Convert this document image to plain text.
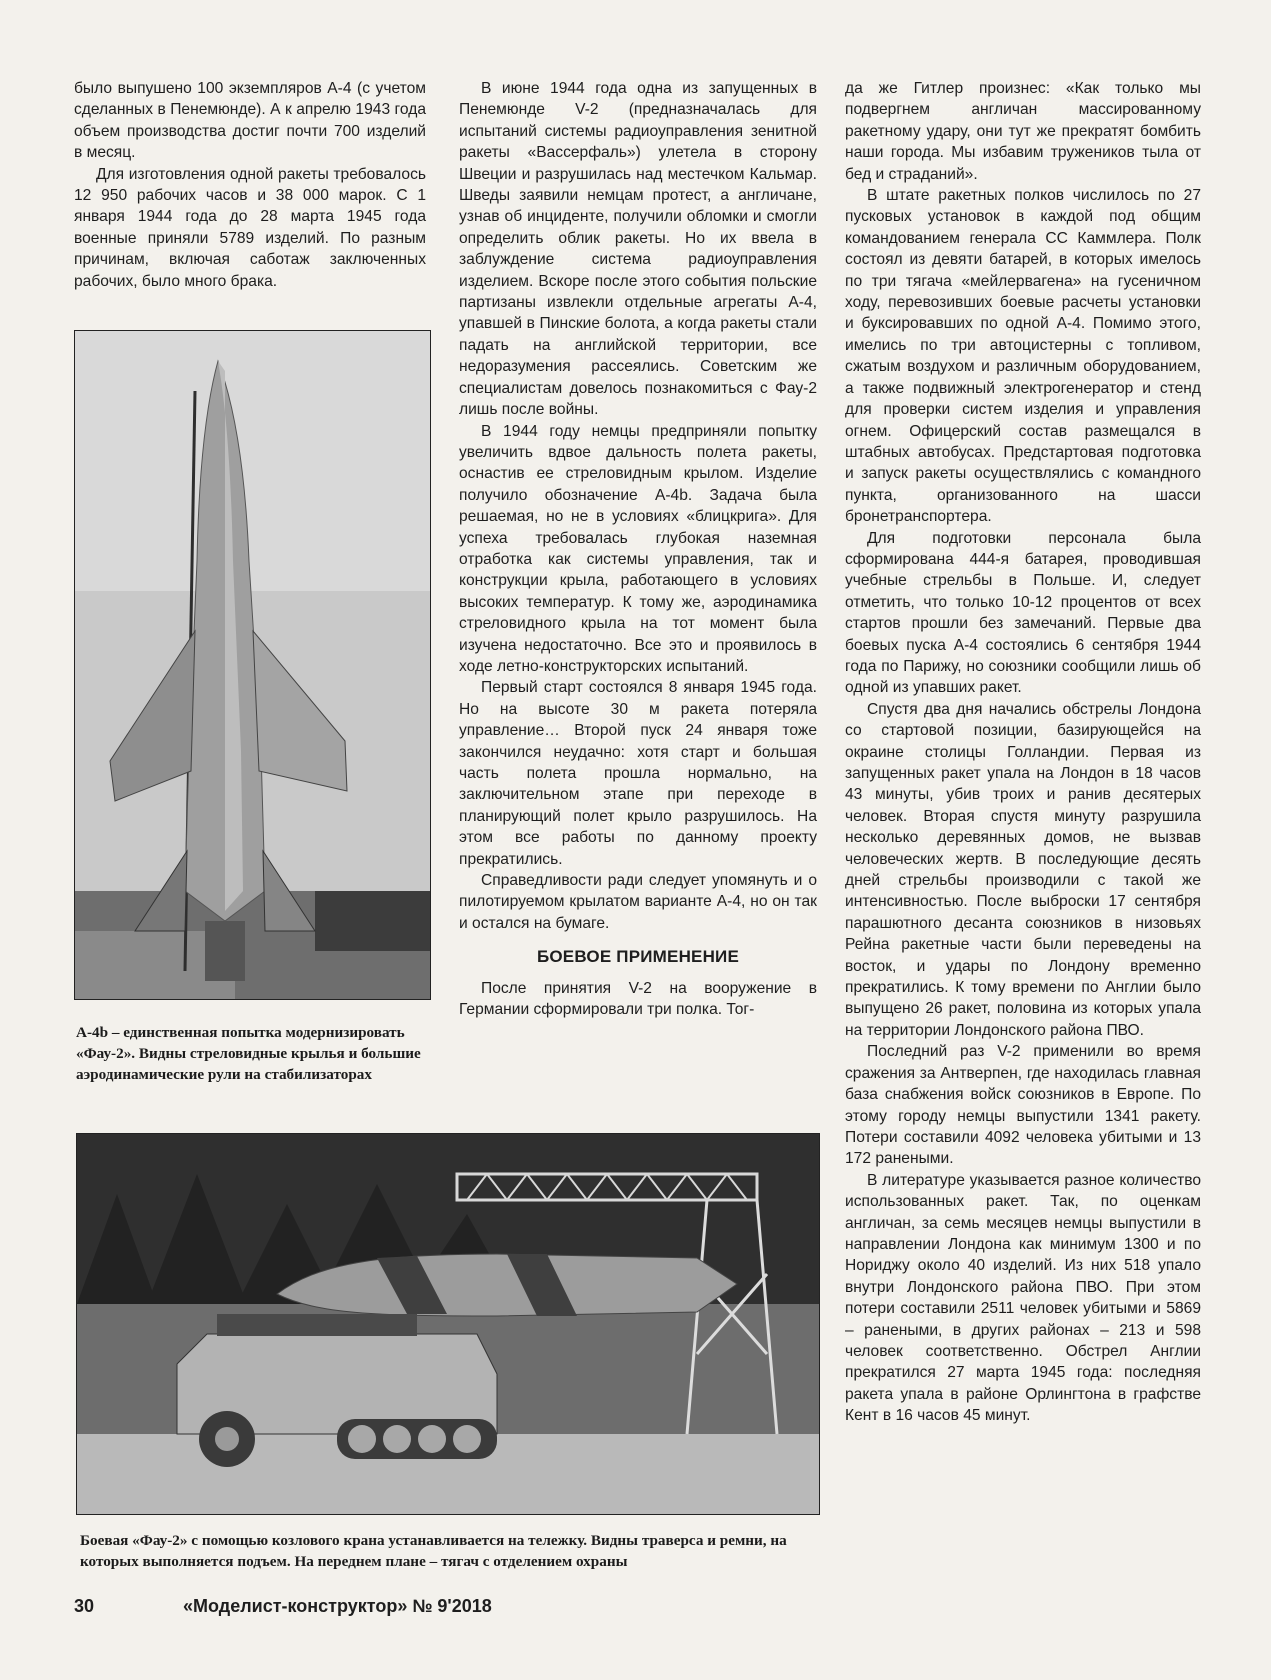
было выпушено 100 экземпляров А-4 (с учетом сделанных в Пенемюнде). А к апрелю 1943 года объем производства достиг почти 700 изделий в месяц.

Для изготовления одной ракеты требовалось 12 950 рабочих часов и 38 000 марок. С 1 января 1944 года до 28 марта 1945 года военные приняли 5789 изделий. По разным причинам, включая саботаж заключенных рабочих, было много брака.

А-4b – единственная попытка модернизировать «Фау-2». Видны стреловидные крылья и большие аэродинамические рули на стабилизаторах

В июне 1944 года одна из запущенных в Пенемюнде V-2 (предназначалась для испытаний системы радиоуправления зенитной ракеты «Вассерфаль») улетела в сторону Швеции и разрушилась над местечком Кальмар. Шведы заявили немцам протест, а англичане, узнав об инциденте, получили обломки и смогли определить облик ракеты. Но их ввела в заблуждение система радиоуправления изделием. Вскоре после этого события польские партизаны извлекли отдельные агрегаты А-4, упавшей в Пинские болота, а когда ракеты стали падать на английской территории, все недоразумения рассеялись. Советским же специалистам довелось познакомиться с Фау-2 лишь после войны.

В 1944 году немцы предприняли попытку увеличить вдвое дальность полета ракеты, оснастив ее стреловидным крылом. Изделие получило обозначение А-4b. Задача была решаемая, но не в условиях «блицкрига». Для успеха требовалась глубокая наземная отработка как системы управления, так и конструкции крыла, работающего в условиях высоких температур. К тому же, аэродинамика стреловидного крыла на тот момент была изучена недостаточно. Все это и проявилось в ходе летно-конструкторских испытаний.

Первый старт состоялся 8 января 1945 года. Но на высоте 30 м ракета потеряла управление… Второй пуск 24 января тоже закончился неудачно: хотя старт и большая часть полета прошла нормально, на заключительном этапе при переходе в планирующий полет крыло разрушилось. На этом все работы по данному проекту прекратились.

Справедливости ради следует упомянуть и о пилотируемом крылатом варианте А-4, но он так и остался на бумаге.

БОЕВОЕ ПРИМЕНЕНИЕ

После принятия V-2 на вооружение в Германии сформировали три полка. Тог-

да же Гитлер произнес: «Как только мы подвергнем англичан массированному ракетному удару, они тут же прекратят бомбить наши города. Мы избавим тружеников тыла от бед и страданий».

В штате ракетных полков числилось по 27 пусковых установок в каждой под общим командованием генерала СС Каммлера. Полк состоял из девяти батарей, в которых имелось по три тягача «мейлервагена» на гусеничном ходу, перевозивших боевые расчеты установки и буксировавших по одной А-4. Помимо этого, имелись по три автоцистерны с топливом, сжатым воздухом и различным оборудованием, а также подвижный электрогенератор и стенд для проверки систем изделия и управления огнем. Офицерский состав размещался в штабных автобусах. Предстартовая подготовка и запуск ракеты осуществлялись с командного пункта, организованного на шасси бронетранспортера.

Для подготовки персонала была сформирована 444-я батарея, проводившая учебные стрельбы в Польше. И, следует отметить, что только 10-12 процентов от всех стартов прошли без замечаний. Первые два боевых пуска А-4 состоялись 6 сентября 1944 года по Парижу, но союзники сообщили лишь об одной из упавших ракет.

Спустя два дня начались обстрелы Лондона со стартовой позиции, базирующейся на окраине столицы Голландии. Первая из запущенных ракет упала на Лондон в 18 часов 43 минуты, убив троих и ранив десятерых человек. Вторая спустя минуту разрушила несколько деревянных домов, не вызвав человеческих жертв. В последующие десять дней стрельбы производили с такой же интенсивностью. После выброски 17 сентября парашютного десанта союзников в низовьях Рейна ракетные части были переведены на восток, и удары по Лондону временно прекратились. К тому времени по Англии было выпущено 26 ракет, половина из которых упала на территории Лондонского района ПВО.

Последний раз V-2 применили во время сражения за Антверпен, где находилась главная база снабжения войск союзников в Европе. По этому городу немцы выпустили 1341 ракету. Потери составили 4092 человека убитыми и 13 172 ранеными.

В литературе указывается разное количество использованных ракет. Так, по оценкам англичан, за семь месяцев немцы выпустили в направлении Лондона как минимум 1300 и по Нориджу около 40 изделий. Из них 518 упало внутри Лондонского района ПВО. При этом потери составили 2511 человек убитыми и 5869 – ранеными, в других районах – 213 и 598 человек соответственно. Обстрел Англии прекратился 27 марта 1945 года: последняя ракета упала в районе Орлингтона в графстве Кент в 16 часов 45 минут.

Боевая «Фау-2» с помощью козлового крана устанавливается на тележку. Видны траверса и ремни, на которых выполняется подъем. На переднем плане – тягач с отделением охраны
30	«Моделист-конструктор» № 9'2018
